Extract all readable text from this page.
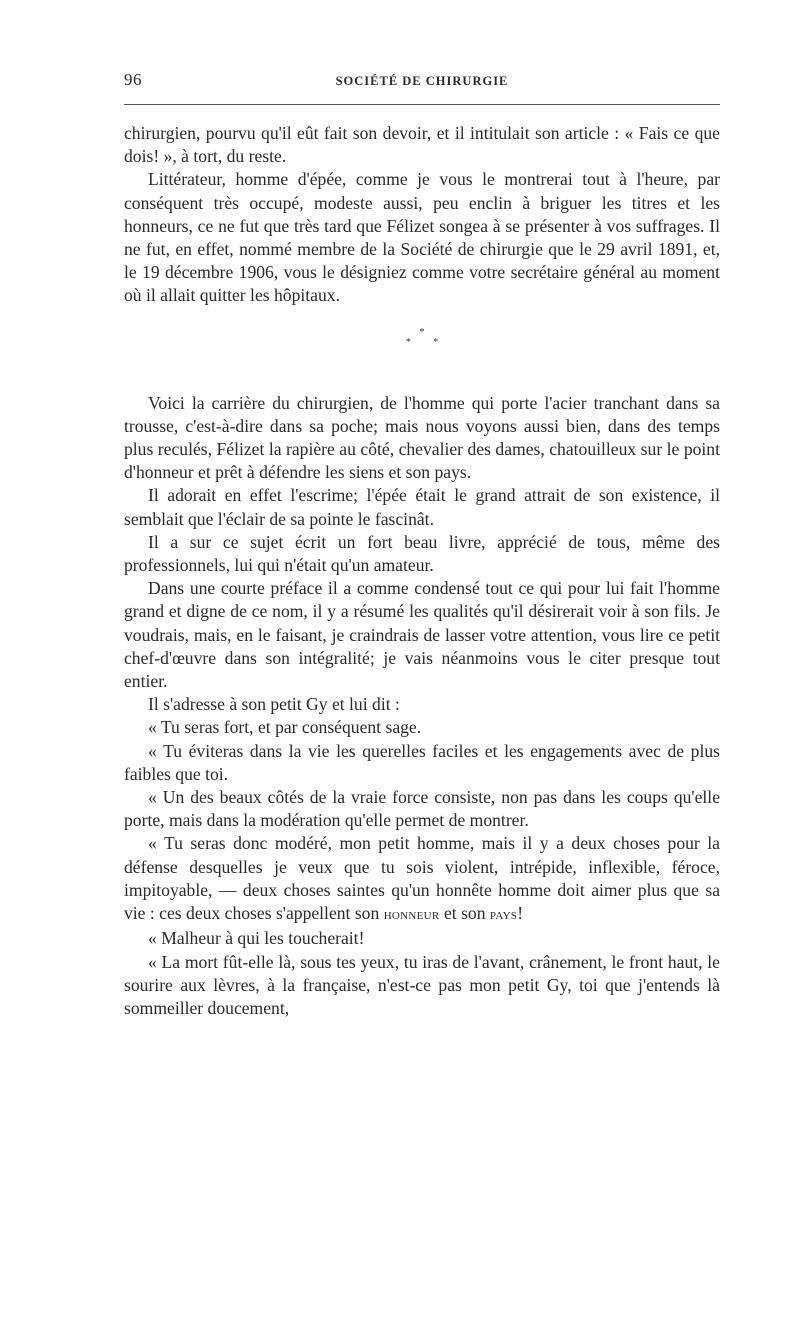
96	SOCIÉTÉ DE CHIRURGIE

chirurgien, pourvu qu'il eût fait son devoir, et il intitulait son article : « Fais ce que dois! », à tort, du reste.

Littérateur, homme d'épée, comme je vous le montrerai tout à l'heure, par conséquent très occupé, modeste aussi, peu enclin à briguer les titres et les honneurs, ce ne fut que très tard que Félizet songea à se présenter à vos suffrages. Il ne fut, en effet, nommé membre de la Société de chirurgie que le 29 avril 1891, et, le 19 décembre 1906, vous le désigniez comme votre secrétaire général au moment où il allait quitter les hôpitaux.

*
* *

Voici la carrière du chirurgien, de l'homme qui porte l'acier tranchant dans sa trousse, c'est-à-dire dans sa poche; mais nous voyons aussi bien, dans des temps plus reculés, Félizet la rapière au côté, chevalier des dames, chatouilleux sur le point d'honneur et prêt à défendre les siens et son pays.

Il adorait en effet l'escrime; l'épée était le grand attrait de son existence, il semblait que l'éclair de sa pointe le fascinât.

Il a sur ce sujet écrit un fort beau livre, apprécié de tous, même des professionnels, lui qui n'était qu'un amateur.

Dans une courte préface il a comme condensé tout ce qui pour lui fait l'homme grand et digne de ce nom, il y a résumé les qualités qu'il désirerait voir à son fils. Je voudrais, mais, en le faisant, je craindrais de lasser votre attention, vous lire ce petit chef-d'œuvre dans son intégralité; je vais néanmoins vous le citer presque tout entier.

Il s'adresse à son petit Gy et lui dit :

« Tu seras fort, et par conséquent sage.

« Tu éviteras dans la vie les querelles faciles et les engagements avec de plus faibles que toi.

« Un des beaux côtés de la vraie force consiste, non pas dans les coups qu'elle porte, mais dans la modération qu'elle permet de montrer.

« Tu seras donc modéré, mon petit homme, mais il y a deux choses pour la défense desquelles je veux que tu sois violent, intrépide, inflexible, féroce, impitoyable, — deux choses saintes qu'un honnête homme doit aimer plus que sa vie : ces deux choses s'appellent son honneur et son pays!

« Malheur à qui les toucherait!

« La mort fût-elle là, sous tes yeux, tu iras de l'avant, crânement, le front haut, le sourire aux lèvres, à la française, n'est-ce pas mon petit Gy, toi que j'entends là sommeiller doucement,
